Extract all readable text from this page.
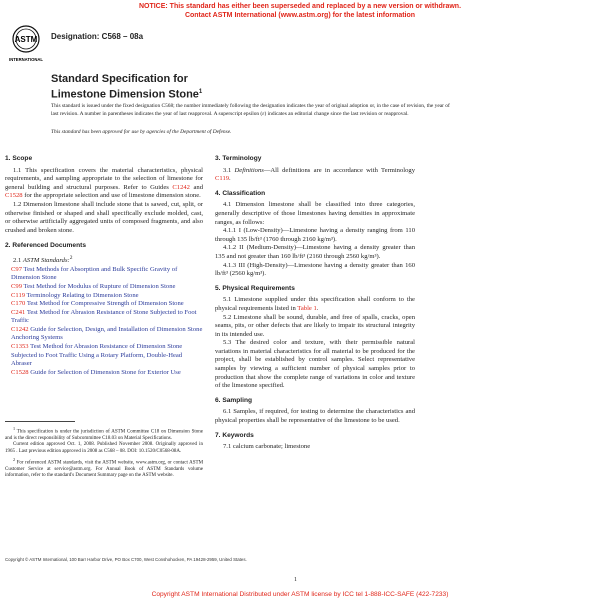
NOTICE: This standard has either been superseded and replaced by a new version or withdrawn.
Contact ASTM International (www.astm.org) for the latest information
ASTM
INTERNATIONAL
Designation: C568 – 08a
Standard Specification for
Limestone Dimension Stone$^1$
This standard is issued under the fixed designation C568; the number immediately following the designation indicates the year of original adoption or, in the case of revision, the year of last revision. A number in parentheses indicates the year of last reapproval. A superscript epsilon (ε) indicates an editorial change since the last revision or reapproval.
This standard has been approved for use by agencies of the Department of Defense.
1. Scope

1.1 This specification covers the material characteristics, physical requirements, and sampling appropriate to the selection of limestone for general building and structural purposes. Refer to Guides C1242 and C1528 for the appropriate selection and use of limestone dimension stone.

1.2 Dimension limestone shall include stone that is sawed, cut, split, or otherwise finished or shaped and shall specifically exclude molded, cast, or otherwise artificially aggregated units of composed fragments, and also crushed and broken stone.

2. Referenced Documents

2.1 ASTM Standards:$^2$

C97 Test Methods for Absorption and Bulk Specific Gravity of Dimension Stone
C99 Test Method for Modulus of Rupture of Dimension Stone
C119 Terminology Relating to Dimension Stone
C170 Test Method for Compressive Strength of Dimension Stone
C241 Test Method for Abrasion Resistance of Stone Subjected to Foot Traffic
C1242 Guide for Selection, Design, and Installation of Dimension Stone Anchoring Systems
C1353 Test Method for Abrasion Resistance of Dimension Stone Subjected to Foot Traffic Using a Rotary Platform, Double-Head Abraser
C1528 Guide for Selection of Dimension Stone for Exterior Use

$^1$ This specification is under the jurisdiction of ASTM Committee C18 on Dimension Stone and is the direct responsibility of Subcommittee C18.03 on Material Specifications.

Current edition approved Oct. 1, 2008. Published November 2008. Originally approved in 1965 . Last previous edition approved in 2008 as C568 – 08. DOI: 10.1520/C0568-08A.

$^2$ For referenced ASTM standards, visit the ASTM website, www.astm.org, or contact ASTM Customer Service at service@astm.org. For Annual Book of ASTM Standards volume information, refer to the standard's Document Summary page on the ASTM website.

3. Terminology

3.1 Definitions—All definitions are in accordance with Terminology C119.

4. Classification

4.1 Dimension limestone shall be classified into three categories, generally descriptive of those limestones having densities in approximate ranges, as follows:

4.1.1 I (Low-Density)—Limestone having a density ranging from 110 through 135 lb/ft³ (1760 through 2160 kg/m³).

4.1.2 II (Medium-Density)—Limestone having a density greater than 135 and not greater than 160 lb/ft³ (2160 through 2560 kg/m³).

4.1.3 III (High-Density)—Limestone having a density greater than 160 lb/ft³ (2560 kg/m³).

5. Physical Requirements

5.1 Limestone supplied under this specification shall conform to the physical requirements listed in Table 1.

5.2 Limestone shall be sound, durable, and free of spalls, cracks, open seams, pits, or other defects that are likely to impair its structural integrity in its intended use.

5.3 The desired color and texture, with their permissible natural variations in material characteristics for all material to be produced for the project, shall be established by control samples. Select representative samples by viewing a sufficient number of physical samples prior to production that show the complete range of variations in color and texture of the limestone specified.

6. Sampling

6.1 Samples, if required, for testing to determine the characteristics and physical properties shall be representative of the limestone to be used.

7. Keywords

7.1 calcium carbonate; limestone

Copyright © ASTM International, 100 Barr Harbor Drive, PO Box C700, West Conshohocken, PA 19428-2959, United States.
1
Copyright ASTM International Distributed under ASTM license by ICC tel 1-888-ICC-SAFE (422-7233)
